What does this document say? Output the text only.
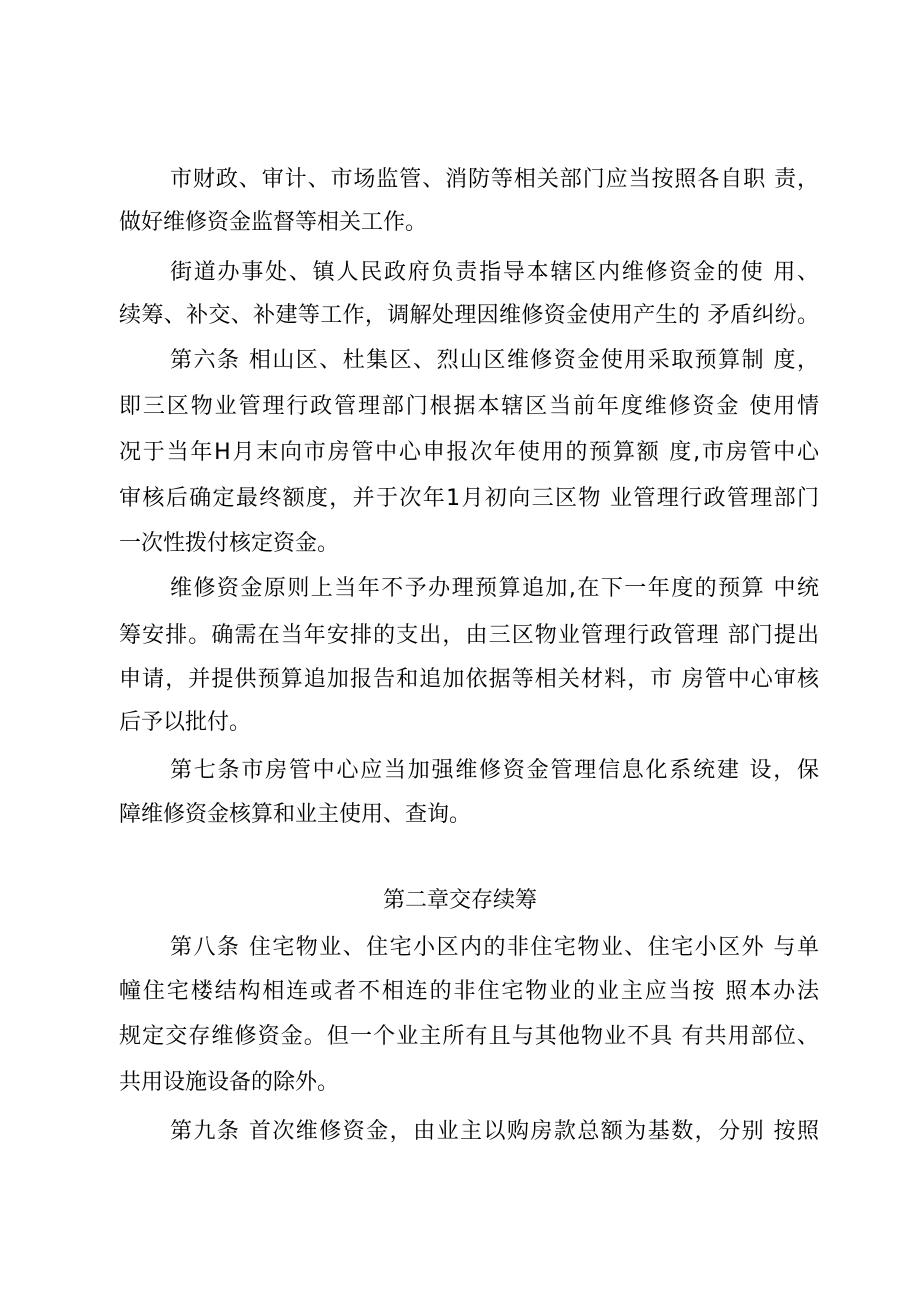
市财政、审计、市场监管、消防等相关部门应当按照各自职 责，
做好维修资金监督等相关工作。
街道办事处、镇人民政府负责指导本辖区内维修资金的使 用、
续筹、补交、补建等工作，调解处理因维修资金使用产生的 矛盾纠纷。
第六条 相山区、杜集区、烈山区维修资金使用采取预算制 度，
即三区物业管理行政管理部门根据本辖区当前年度维修资金 使用情
况于当年H月末向市房管中心申报次年使用的预算额 度,市房管中心
审核后确定最终额度，并于次年1月初向三区物 业管理行政管理部门
一次性拨付核定资金。
维修资金原则上当年不予办理预算追加,在下一年度的预算 中统
筹安排。确需在当年安排的支出，由三区物业管理行政管理 部门提出
申请，并提供预算追加报告和追加依据等相关材料，市 房管中心审核
后予以批付。
第七条市房管中心应当加强维修资金管理信息化系统建 设，保
障维修资金核算和业主使用、查询。
第二章交存续筹
第八条 住宅物业、住宅小区内的非住宅物业、住宅小区外 与单
幢住宅楼结构相连或者不相连的非住宅物业的业主应当按 照本办法
规定交存维修资金。但一个业主所有且与其他物业不具 有共用部位、
共用设施设备的除外。
第九条 首次维修资金，由业主以购房款总额为基数，分别 按照
